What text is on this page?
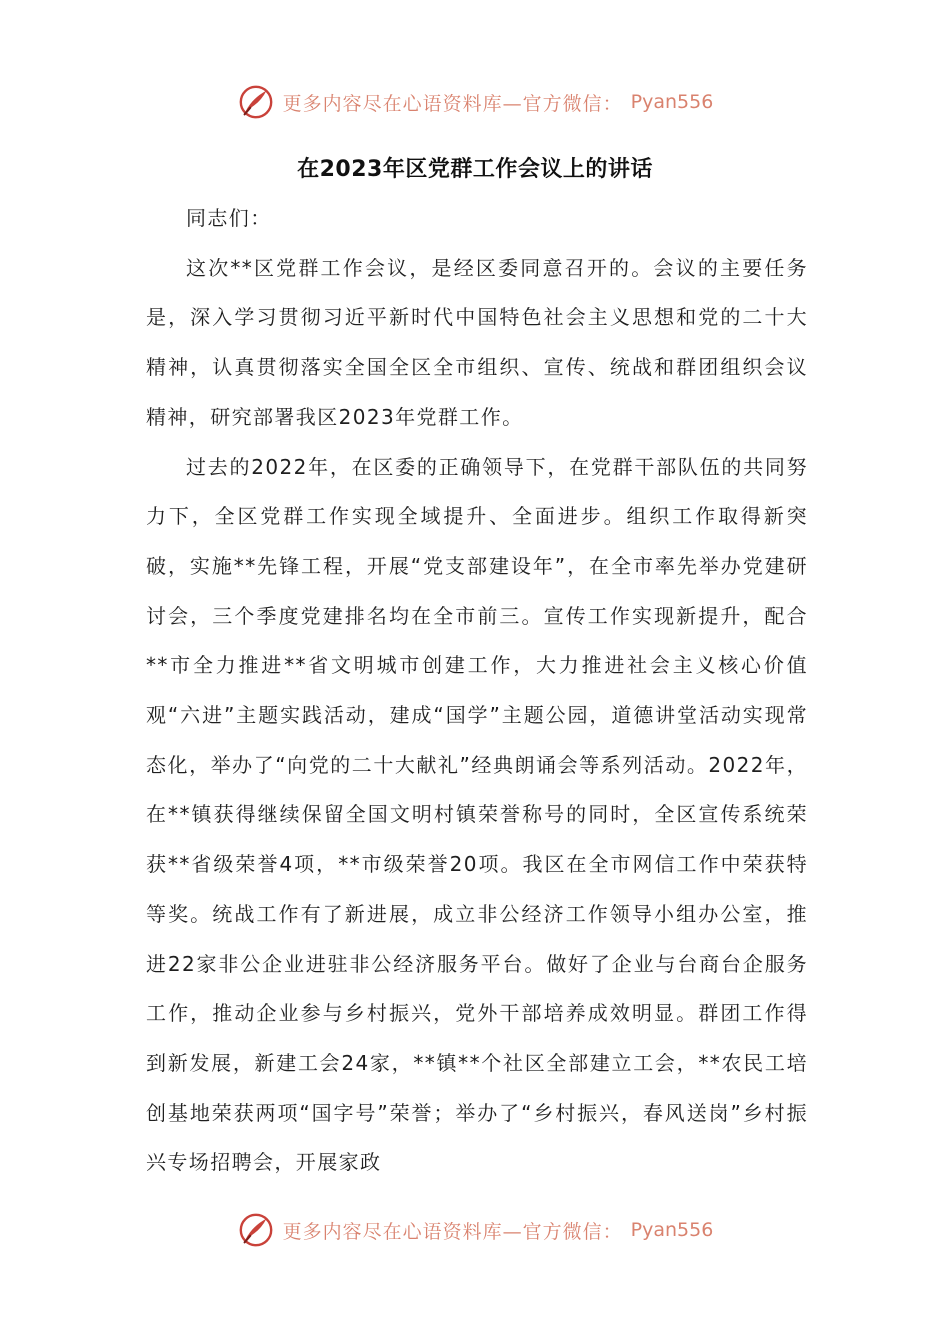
更多内容尽在心语资料库—官方微信： Pyan556
在2023年区党群工作会议上的讲话

同志们：

这次**区党群工作会议，是经区委同意召开的。会议的主要任务是，深入学习贯彻习近平新时代中国特色社会主义思想和党的二十大精神，认真贯彻落实全国全区全市组织、宣传、统战和群团组织会议精神，研究部署我区2023年党群工作。

过去的2022年，在区委的正确领导下，在党群干部队伍的共同努力下，全区党群工作实现全域提升、全面进步。组织工作取得新突破，实施**先锋工程，开展“党支部建设年”，在全市率先举办党建研讨会，三个季度党建排名均在全市前三。宣传工作实现新提升，配合**市全力推进**省文明城市创建工作，大力推进社会主义核心价值观“六进”主题实践活动，建成“国学”主题公园，道德讲堂活动实现常态化，举办了“向党的二十大献礼”经典朗诵会等系列活动。2022年，在**镇获得继续保留全国文明村镇荣誉称号的同时，全区宣传系统荣获**省级荣誉4项，**市级荣誉20项。我区在全市网信工作中荣获特等奖。统战工作有了新进展，成立非公经济工作领导小组办公室，推进22家非公企业进驻非公经济服务平台。做好了企业与台商台企服务工作，推动企业参与乡村振兴，党外干部培养成效明显。群团工作得到新发展，新建工会24家，**镇**个社区全部建立工会，**农民工培创基地荣获两项“国字号”荣誉；举办了“乡村振兴，春风送岗”乡村振兴专场招聘会，开展家政

更多内容尽在心语资料库—官方微信： Pyan556
